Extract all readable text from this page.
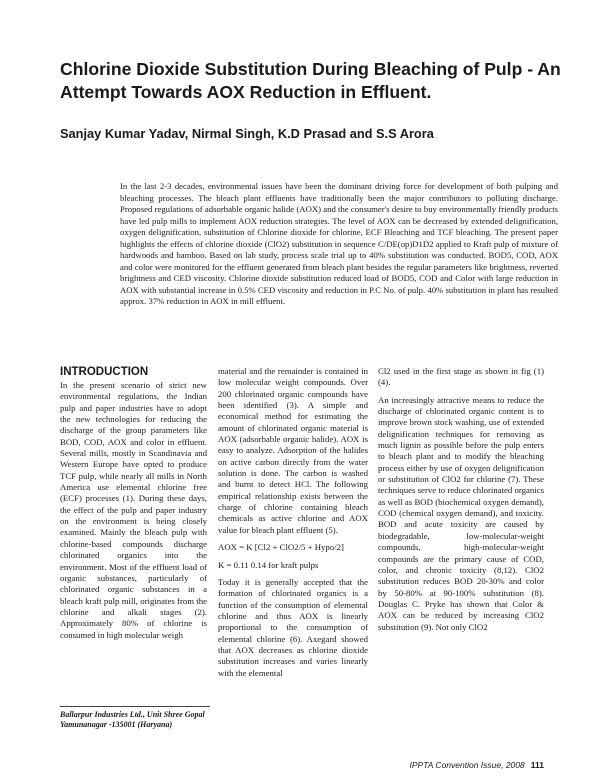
Chlorine Dioxide Substitution During Bleaching of Pulp - An Attempt Towards AOX Reduction in Effluent.
Sanjay Kumar Yadav, Nirmal Singh, K.D Prasad and S.S Arora
In the last 2-3 decades, environmental issues have been the dominant driving force for development of both pulping and bleaching processes. The bleach plant effluents have traditionally been the major contributors to polluting discharge. Proposed regulations of adsorbable organic halide (AOX) and the consumer's desire to buy environmentally friendly products have led pulp mills to implement AOX reduction strategies. The level of AOX can be decreased by extended delignification, oxygen delignification, substitution of Chlorine dioxide for chlorine, ECF Bleaching and TCF bleaching. The present paper highlights the effects of chlorine dioxide (ClO2) substitution in sequence C/DE(op)D1D2 applied to Kraft pulp of mixture of hardwoods and bamboo. Based on lab study, process scale trial up to 40% substitution was conducted. BOD5, COD, AOX and color were monitored for the effluent generated from bleach plant besides the regular parameters like brightness, reverted brightness and CED viscosity. Chlorine dioxide substitution reduced load of BOD5, COD and Color with large reduction in AOX with substantial increase in 0.5% CED viscosity and reduction in P.C No. of pulp. 40% substitution in plant has resulted approx. 37% reduction in AOX in mill effluent.
INTRODUCTION

In the present scenario of strict new environmental regulations, the Indian pulp and paper industries have to adopt the new technologies for reducing the discharge of the group parameters like BOD, COD, AOX and color in effluent. Several mills, mostly in Scandinavia and Western Europe have opted to produce TCF pulp, while nearly all mills in North America use elemental chlorine free (ECF) processes (1). During these days, the effect of the pulp and paper industry on the environment is being closely examined. Mainly the bleach pulp with chlorine-based compounds discharge chlorinated organics into the environment. Most of the effluent load of organic substances, particularly of chlorinated organic substances in a bleach kraft pulp mill, originates from the chlorine and alkali stages (2). Approximately 80% of chlorine is consumed in high molecular weigh

material and the remainder is contained in low molecular weight compounds. Over 200 chlorinated organic compounds have been identified (3). A simple and economical method for estimating the amount of chlorinated organic material is AOX (adsorbable organic halide). AOX is easy to analyze. Adsorption of the halides on active carbon directly from the water solution is done. The carbon is washed and burnt to detect HCl. The following empirical relationship exists between the charge of chlorine containing bleach chemicals as active chlorine and AOX value for bleach plant effluent (5).

AOX = K [Cl2 + ClO2/5 + Hypo/2]

K = 0.11 0.14 for kraft pulps

Today it is generally accepted that the formation of chlorinated organics is a function of the consumption of elemental chlorine and thus AOX is linearly proportional to the consumption of elemental chlorine (6). Axegard showed that AOX decreases as chlorine dioxide substitution increases and varies linearly with the elemental

Cl2 used in the first stage as shown in fig (1) (4).

An increasingly attractive means to reduce the discharge of chlorinated organic content is to improve brown stock washing, use of extended delignification techniques for removing as much lignin as possible before the pulp enters to bleach plant and to modify the bleaching process either by use of oxygen delignification or substitution of ClO2 for chlorine (7). These techniques serve to reduce chlorinated organics as well as BOD (biochemical oxygen demand), COD (chemical oxygen demand), and toxicity. BOD and acute toxicity are caused by biodegradable, low-molecular-weight compounds, high-molecular-weight compounds are the primary cause of COD, color, and chronic toxicity (8,12). ClO2 substitution reduces BOD 20-30% and color by 50-80% at 90-100% substitution (8). Douglas C. Pryke has shown that Color & AOX can be reduced by increasing ClO2 substitution (9). Not only ClO2

Ballarpur Industries Ltd., Unit Shree Gopal Yamunanagar -135001 (Haryana)
IPPTA Convention Issue, 2008 111
